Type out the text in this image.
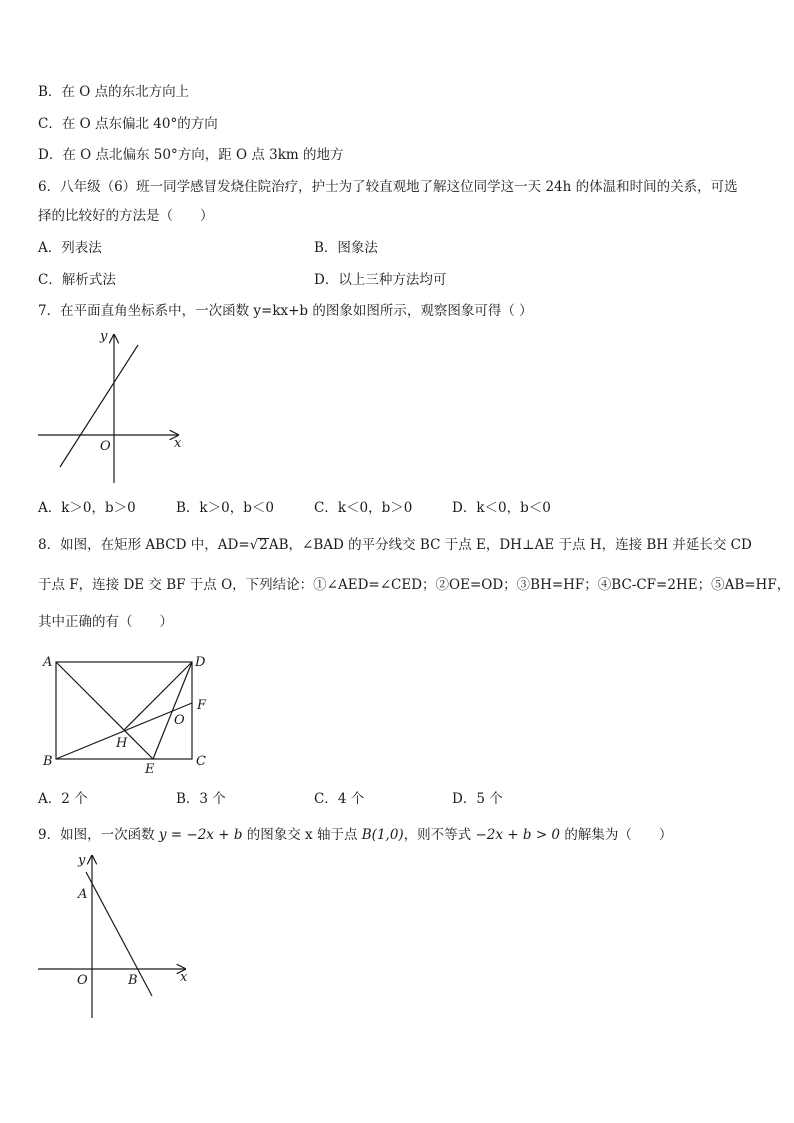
B．在 O 点的东北方向上
C．在 O 点东偏北 40°的方向
D．在 O 点北偏东 50°方向，距 O 点 3km 的地方
6．八年级（6）班一同学感冒发烧住院治疗，护士为了较直观地了解这位同学这一天 24h 的体温和时间的关系，可选
择的比较好的方法是（　　）
A．列表法	B．图象法
C．解析式法	D．以上三种方法均可
7．在平面直角坐标系中，一次函数 y=kx+b 的图象如图所示，观察图象可得（ ）
y
x
O
A．k＞0，b＞0	B．k＞0，b＜0	C．k＜0，b＞0	D．k＜0，b＜0
8．如图，在矩形 ABCD 中，AD=√2AB，∠BAD 的平分线交 BC 于点 E，DH⊥AE 于点 H，连接 BH 并延长交 CD
于点 F，连接 DE 交 BF 于点 O，下列结论：①∠AED=∠CED；②OE=OD；③BH=HF；④BC-CF=2HE；⑤AB=HF，
其中正确的有（　　）
A	D
F
O
H
B
E
C
A．2 个	B．3 个	C．4 个	D．5 个
9．如图，一次函数 y = −2x + b 的图象交 x 轴于点 B(1,0)，则不等式 −2x + b > 0 的解集为（　　）
y
x
A
O	B
